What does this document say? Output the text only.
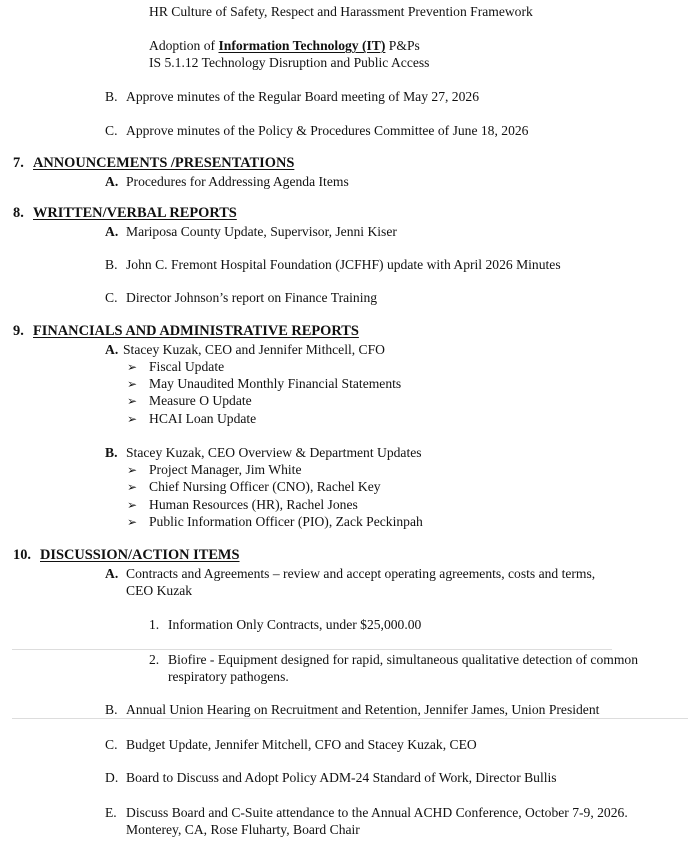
HR Culture of Safety, Respect and Harassment Prevention Framework
Adoption of Information Technology (IT) P&Ps
IS 5.1.12 Technology Disruption and Public Access
B. Approve minutes of the Regular Board meeting of May 27, 2026
C. Approve minutes of the Policy & Procedures Committee of June 18, 2026
7. ANNOUNCEMENTS /PRESENTATIONS
A. Procedures for Addressing Agenda Items
8. WRITTEN/VERBAL REPORTS
A. Mariposa County Update, Supervisor, Jenni Kiser
B. John C. Fremont Hospital Foundation (JCFHF) update with April 2026 Minutes
C. Director Johnson’s report on Finance Training
9. FINANCIALS AND ADMINISTRATIVE REPORTS
A. Stacey Kuzak, CEO and Jennifer Mithcell, CFO
➢ Fiscal Update
➢ May Unaudited Monthly Financial Statements
➢ Measure O Update
➢ HCAI Loan Update
B. Stacey Kuzak, CEO Overview & Department Updates
➢ Project Manager, Jim White
➢ Chief Nursing Officer (CNO), Rachel Key
➢ Human Resources (HR), Rachel Jones
➢ Public Information Officer (PIO), Zack Peckinpah
10. DISCUSSION/ACTION ITEMS
A. Contracts and Agreements – review and accept operating agreements, costs and terms,
CEO Kuzak
1. Information Only Contracts, under $25,000.00
2. Biofire - Equipment designed for rapid, simultaneous qualitative detection of common
respiratory pathogens.
B. Annual Union Hearing on Recruitment and Retention, Jennifer James, Union President
C. Budget Update, Jennifer Mitchell, CFO and Stacey Kuzak, CEO
D. Board to Discuss and Adopt Policy ADM-24 Standard of Work, Director Bullis
E. Discuss Board and C-Suite attendance to the Annual ACHD Conference, October 7-9, 2026.
Monterey, CA, Rose Fluharty, Board Chair
